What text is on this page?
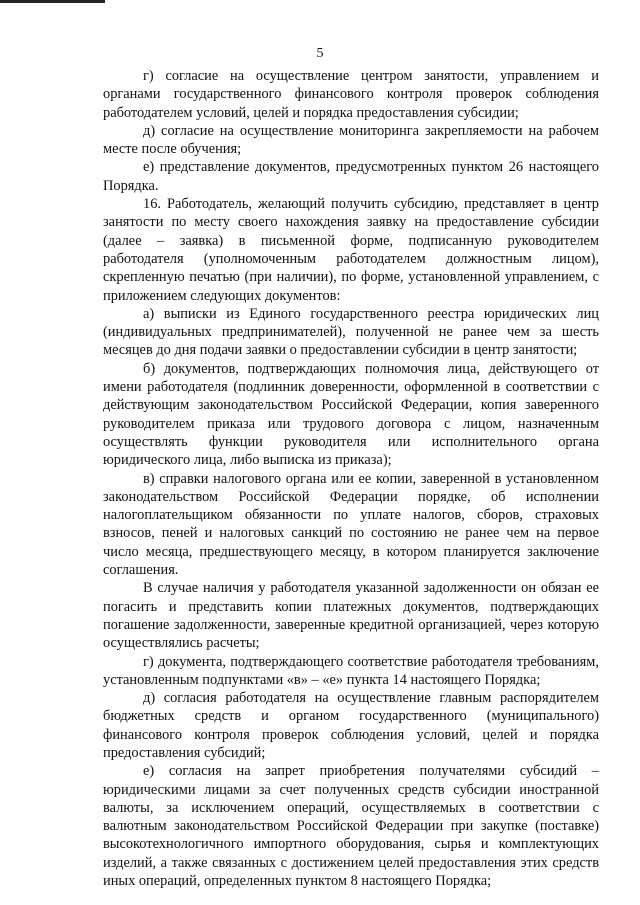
5

г) согласие на осуществление центром занятости, управлением и органами государственного финансового контроля проверок соблюдения работодателем условий, целей и порядка предоставления субсидии;

д) согласие на осуществление мониторинга закрепляемости на рабочем месте после обучения;

е) представление документов, предусмотренных пунктом 26 настоящего Порядка.

16. Работодатель, желающий получить субсидию, представляет в центр занятости по месту своего нахождения заявку на предоставление субсидии (далее – заявка) в письменной форме, подписанную руководителем работодателя (уполномоченным работодателем должностным лицом), скрепленную печатью (при наличии), по форме, установленной управлением, с приложением следующих документов:

а) выписки из Единого государственного реестра юридических лиц (индивидуальных предпринимателей), полученной не ранее чем за шесть месяцев до дня подачи заявки о предоставлении субсидии в центр занятости;

б) документов, подтверждающих полномочия лица, действующего от имени работодателя (подлинник доверенности, оформленной в соответствии с действующим законодательством Российской Федерации, копия заверенного руководителем приказа или трудового договора с лицом, назначенным осуществлять функции руководителя или исполнительного органа юридического лица, либо выписка из приказа);

в) справки налогового органа или ее копии, заверенной в установленном законодательством Российской Федерации порядке, об исполнении налогоплательщиком обязанности по уплате налогов, сборов, страховых взносов, пеней и налоговых санкций по состоянию не ранее чем на первое число месяца, предшествующего месяцу, в котором планируется заключение соглашения.

В случае наличия у работодателя указанной задолженности он обязан ее погасить и представить копии платежных документов, подтверждающих погашение задолженности, заверенные кредитной организацией, через которую осуществлялись расчеты;

г) документа, подтверждающего соответствие работодателя требованиям, установленным подпунктами «в» – «е» пункта 14 настоящего Порядка;

д) согласия работодателя на осуществление главным распорядителем бюджетных средств и органом государственного (муниципального) финансового контроля проверок соблюдения условий, целей и порядка предоставления субсидий;

е) согласия на запрет приобретения получателями субсидий – юридическими лицами за счет полученных средств субсидии иностранной валюты, за исключением операций, осуществляемых в соответствии с валютным законодательством Российской Федерации при закупке (поставке) высокотехнологичного импортного оборудования, сырья и комплектующих изделий, а также связанных с достижением целей предоставления этих средств иных операций, определенных пунктом 8 настоящего Порядка;
